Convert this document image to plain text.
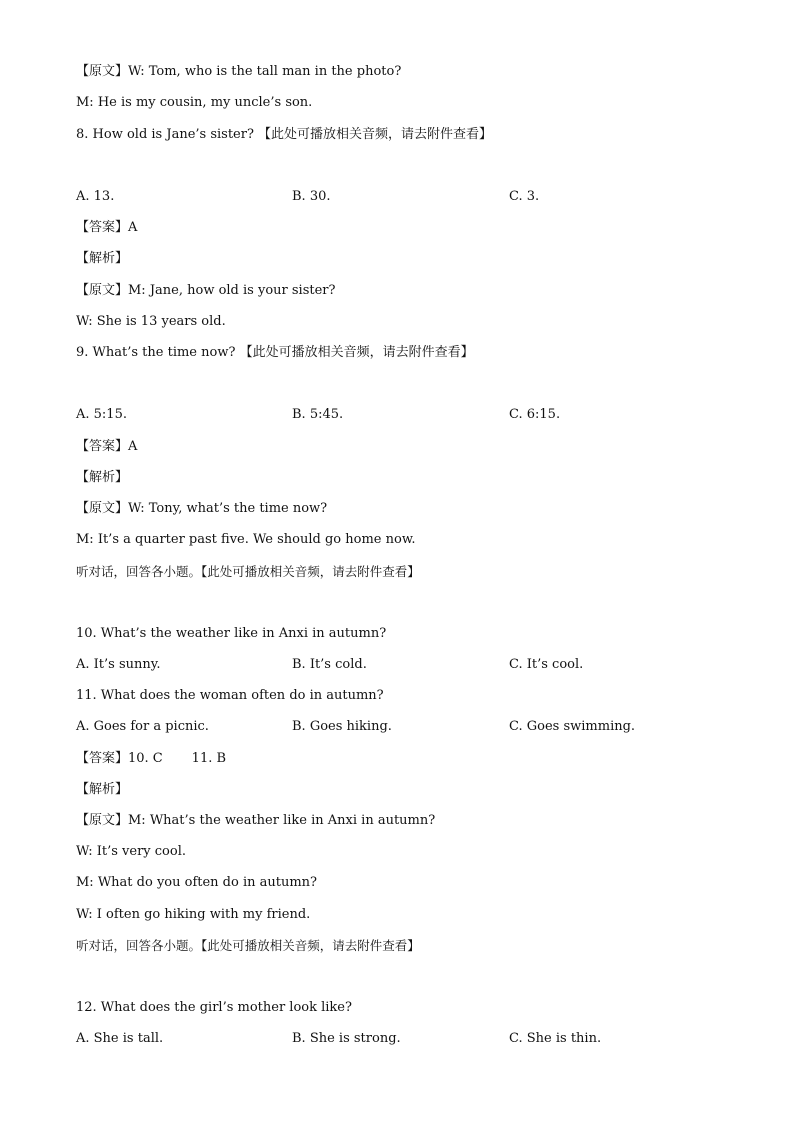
【原文】W: Tom, who is the tall man in the photo?
M: He is my cousin, my uncle’s son.
8. How old is Jane’s sister? 【此处可播放相关音频，请去附件查看】
A. 13.	B. 30.	C. 3.
【答案】A
【解析】
【原文】M: Jane, how old is your sister?
W: She is 13 years old.
9. What’s the time now? 【此处可播放相关音频，请去附件查看】
A. 5:15.	B. 5:45.	C. 6:15.
【答案】A
【解析】
【原文】W: Tony, what’s the time now?
M: It’s a quarter past five. We should go home now.
听对话，回答各小题。【此处可播放相关音频，请去附件查看】
10. What’s the weather like in Anxi in autumn?
A. It’s sunny.	B. It’s cold.	C. It’s cool.
11. What does the woman often do in autumn?
A. Goes for a picnic.	B. Goes hiking.	C. Goes swimming.
【答案】10. C       11. B
【解析】
【原文】M: What’s the weather like in Anxi in autumn?
W: It’s very cool.
M: What do you often do in autumn?
W: I often go hiking with my friend.
听对话，回答各小题。【此处可播放相关音频，请去附件查看】
12. What does the girl’s mother look like?
A. She is tall.	B. She is strong.	C. She is thin.
